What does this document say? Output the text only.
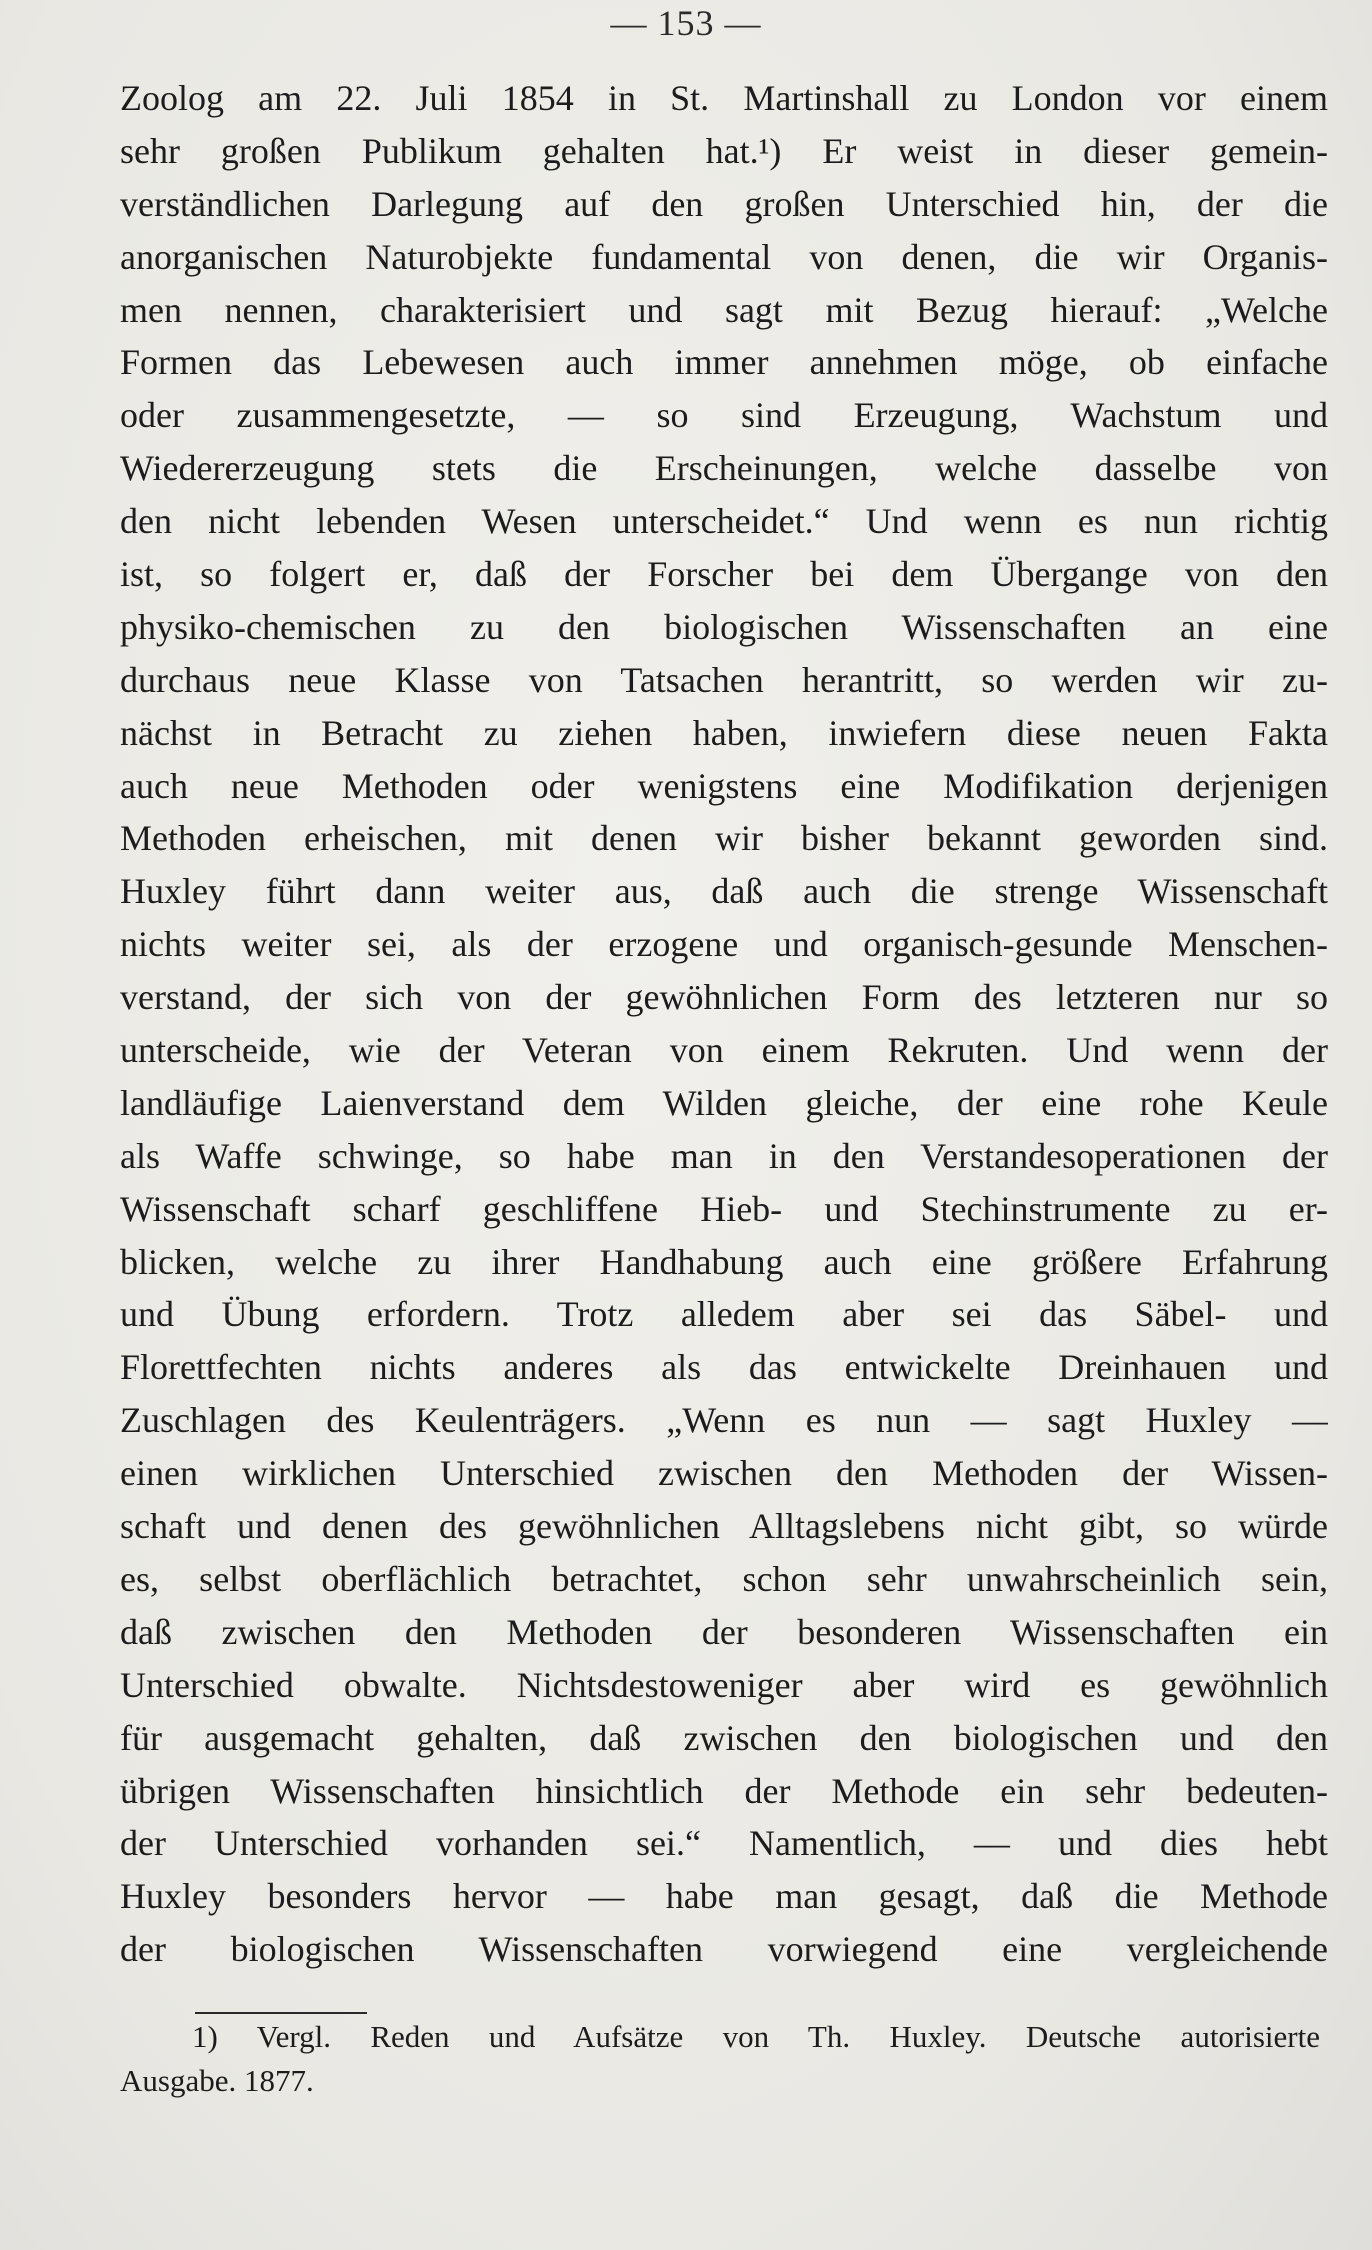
— 153 —
Zoolog am 22. Juli 1854 in St. Martinshall zu London vor einem
sehr großen Publikum gehalten hat.¹) Er weist in dieser gemein-
verständlichen Darlegung auf den großen Unterschied hin, der die
anorganischen Naturobjekte fundamental von denen, die wir Organis-
men nennen, charakterisiert und sagt mit Bezug hierauf: „Welche
Formen das Lebewesen auch immer annehmen möge, ob einfache
oder zusammengesetzte, — so sind Erzeugung, Wachstum und
Wiedererzeugung stets die Erscheinungen, welche dasselbe von
den nicht lebenden Wesen unterscheidet.“ Und wenn es nun richtig
ist, so folgert er, daß der Forscher bei dem Übergange von den
physiko-chemischen zu den biologischen Wissenschaften an eine
durchaus neue Klasse von Tatsachen herantritt, so werden wir zu-
nächst in Betracht zu ziehen haben, inwiefern diese neuen Fakta
auch neue Methoden oder wenigstens eine Modifikation derjenigen
Methoden erheischen, mit denen wir bisher bekannt geworden sind.
Huxley führt dann weiter aus, daß auch die strenge Wissenschaft
nichts weiter sei, als der erzogene und organisch-gesunde Menschen-
verstand, der sich von der gewöhnlichen Form des letzteren nur so
unterscheide, wie der Veteran von einem Rekruten. Und wenn der
landläufige Laienverstand dem Wilden gleiche, der eine rohe Keule
als Waffe schwinge, so habe man in den Verstandesoperationen der
Wissenschaft scharf geschliffene Hieb- und Stechinstrumente zu er-
blicken, welche zu ihrer Handhabung auch eine größere Erfahrung
und Übung erfordern. Trotz alledem aber sei das Säbel- und
Florettfechten nichts anderes als das entwickelte Dreinhauen und
Zuschlagen des Keulenträgers. „Wenn es nun — sagt Huxley —
einen wirklichen Unterschied zwischen den Methoden der Wissen-
schaft und denen des gewöhnlichen Alltagslebens nicht gibt, so würde
es, selbst oberflächlich betrachtet, schon sehr unwahrscheinlich sein,
daß zwischen den Methoden der besonderen Wissenschaften ein
Unterschied obwalte. Nichtsdestoweniger aber wird es gewöhnlich
für ausgemacht gehalten, daß zwischen den biologischen und den
übrigen Wissenschaften hinsichtlich der Methode ein sehr bedeuten-
der Unterschied vorhanden sei.“ Namentlich, — und dies hebt
Huxley besonders hervor — habe man gesagt, daß die Methode
der biologischen Wissenschaften vorwiegend eine vergleichende
1) Vergl. Reden und Aufsätze von Th. Huxley. Deutsche autorisierte
Ausgabe. 1877.
